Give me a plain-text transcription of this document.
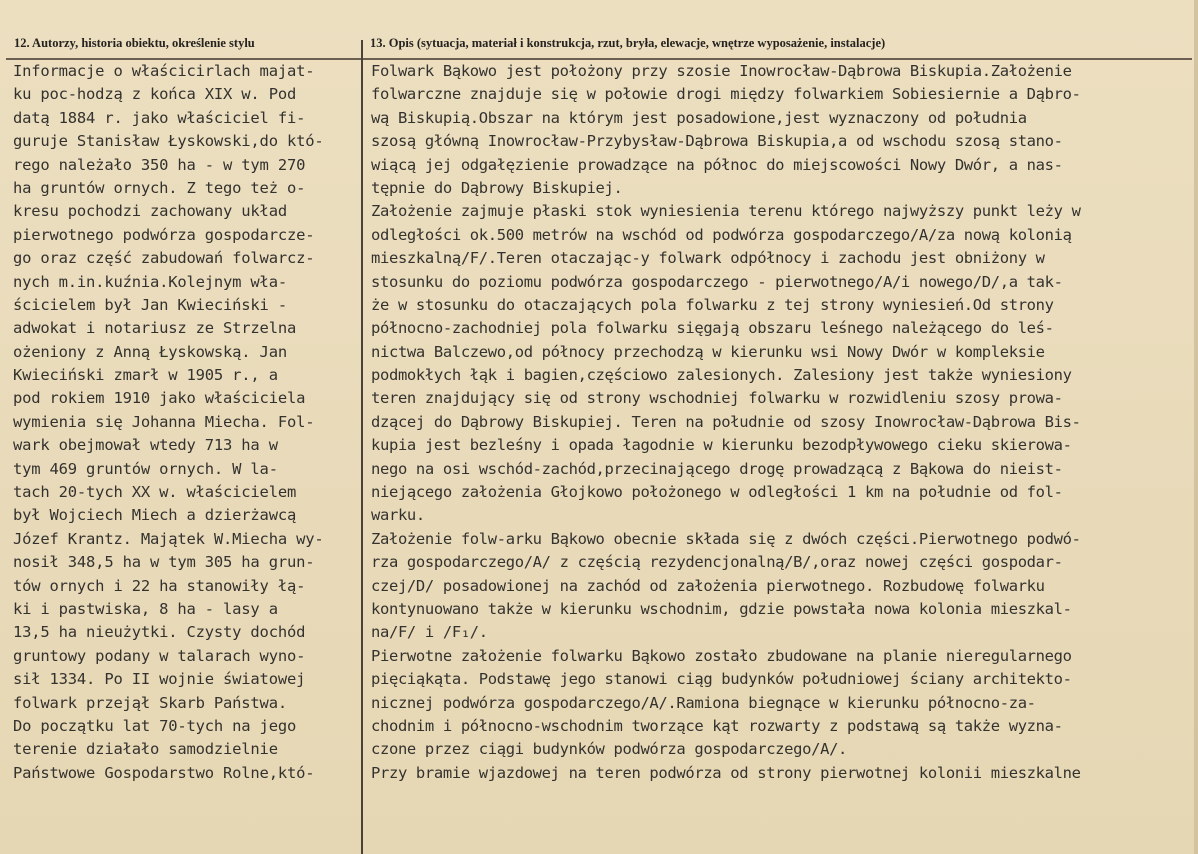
12. Autorzy, historia obiektu, określenie stylu	13. Opis (sytuacja, materiał i konstrukcja, rzut, bryła, elewacje, wnętrze wyposażenie, instalacje)
Informacje o właścicirlach majat-
ku poc-hodzą z końca XIX w. Pod
datą 1884 r. jako właściciel fi-
guruje Stanisław Łyskowski,do któ-
rego należało 350 ha - w tym 270
ha gruntów ornych. Z tego też o-
kresu pochodzi zachowany układ
pierwotnego podwórza gospodarcze-
go oraz część zabudowań folwarcz-
nych m.in.kuźnia.Kolejnym wła-
ścicielem był Jan Kwieciński -
adwokat i notariusz ze Strzelna
ożeniony z Anną Łyskowską. Jan
Kwieciński zmarł w 1905 r., a
pod rokiem 1910 jako właściciela
wymienia się Johanna Miecha. Fol-
wark obejmował wtedy 713 ha w
tym 469 gruntów ornych. W la-
tach 20-tych XX w. właścicielem
był Wojciech Miech a dzierżawcą
Józef Krantz. Majątek W.Miecha wy-
nosił 348,5 ha w tym 305 ha grun-
tów ornych i 22 ha stanowiły łą-
ki i pastwiska, 8 ha - lasy a
13,5 ha nieużytki. Czysty dochód
gruntowy podany w talarach wyno-
sił 1334. Po II wojnie światowej
folwark przejął Skarb Państwa.
Do początku lat 70-tych na jego
terenie działało samodzielnie
Państwowe Gospodarstwo Rolne,któ-
Folwark Bąkowo jest położony przy szosie Inowrocław-Dąbrowa Biskupia.Założenie
folwarczne znajduje się w połowie drogi między folwarkiem Sobiesiernie a Dąbro-
wą Biskupią.Obszar na którym jest posadowione,jest wyznaczony od południa
szosą główną Inowrocław-Przybysław-Dąbrowa Biskupia,a od wschodu szosą stano-
wiącą jej odgałęzienie prowadzące na północ do miejscowości Nowy Dwór, a nas-
tępnie do Dąbrowy Biskupiej.
Założenie zajmuje płaski stok wyniesienia terenu którego najwyższy punkt leży w
odległości ok.500 metrów na wschód od podwórza gospodarczego/A/za nową kolonią
mieszkalną/F/.Teren otaczając-y folwark odpółnocy i zachodu jest obniżony w
stosunku do poziomu podwórza gospodarczego - pierwotnego/A/i nowego/D/,a tak-
że w stosunku do otaczających pola folwarku z tej strony wyniesień.Od strony
północno-zachodniej pola folwarku sięgają obszaru leśnego należącego do leś-
nictwa Balczewo,od północy przechodzą w kierunku wsi Nowy Dwór w kompleksie
podmokłych łąk i bagien,częściowo zalesionych. Zalesiony jest także wyniesiony
teren znajdujący się od strony wschodniej folwarku w rozwidleniu szosy prowa-
dzącej do Dąbrowy Biskupiej. Teren na południe od szosy Inowrocław-Dąbrowa Bis-
kupia jest bezleśny i opada łagodnie w kierunku bezodpływowego cieku skierowa-
nego na osi wschód-zachód,przecinającego drogę prowadzącą z Bąkowa do nieist-
niejącego założenia Głojkowo położonego w odległości 1 km na południe od fol-
warku.
Założenie folw-arku Bąkowo obecnie składa się z dwóch części.Pierwotnego podwó-
rza gospodarczego/A/ z częścią rezydencjonalną/B/,oraz nowej części gospodar-
czej/D/ posadowionej na zachód od założenia pierwotnego. Rozbudowę folwarku
kontynuowano także w kierunku wschodnim, gdzie powstała nowa kolonia mieszkal-
na/F/ i /F₁/.
Pierwotne założenie folwarku Bąkowo zostało zbudowane na planie nieregularnego
pięciąkąta. Podstawę jego stanowi ciąg budynków południowej ściany architekto-
nicznej podwórza gospodarczego/A/.Ramiona biegnące w kierunku północno-za-
chodnim i północno-wschodnim tworzące kąt rozwarty z podstawą są także wyzna-
czone przez ciągi budynków podwórza gospodarczego/A/.
Przy bramie wjazdowej na teren podwórza od strony pierwotnej kolonii mieszkalne
